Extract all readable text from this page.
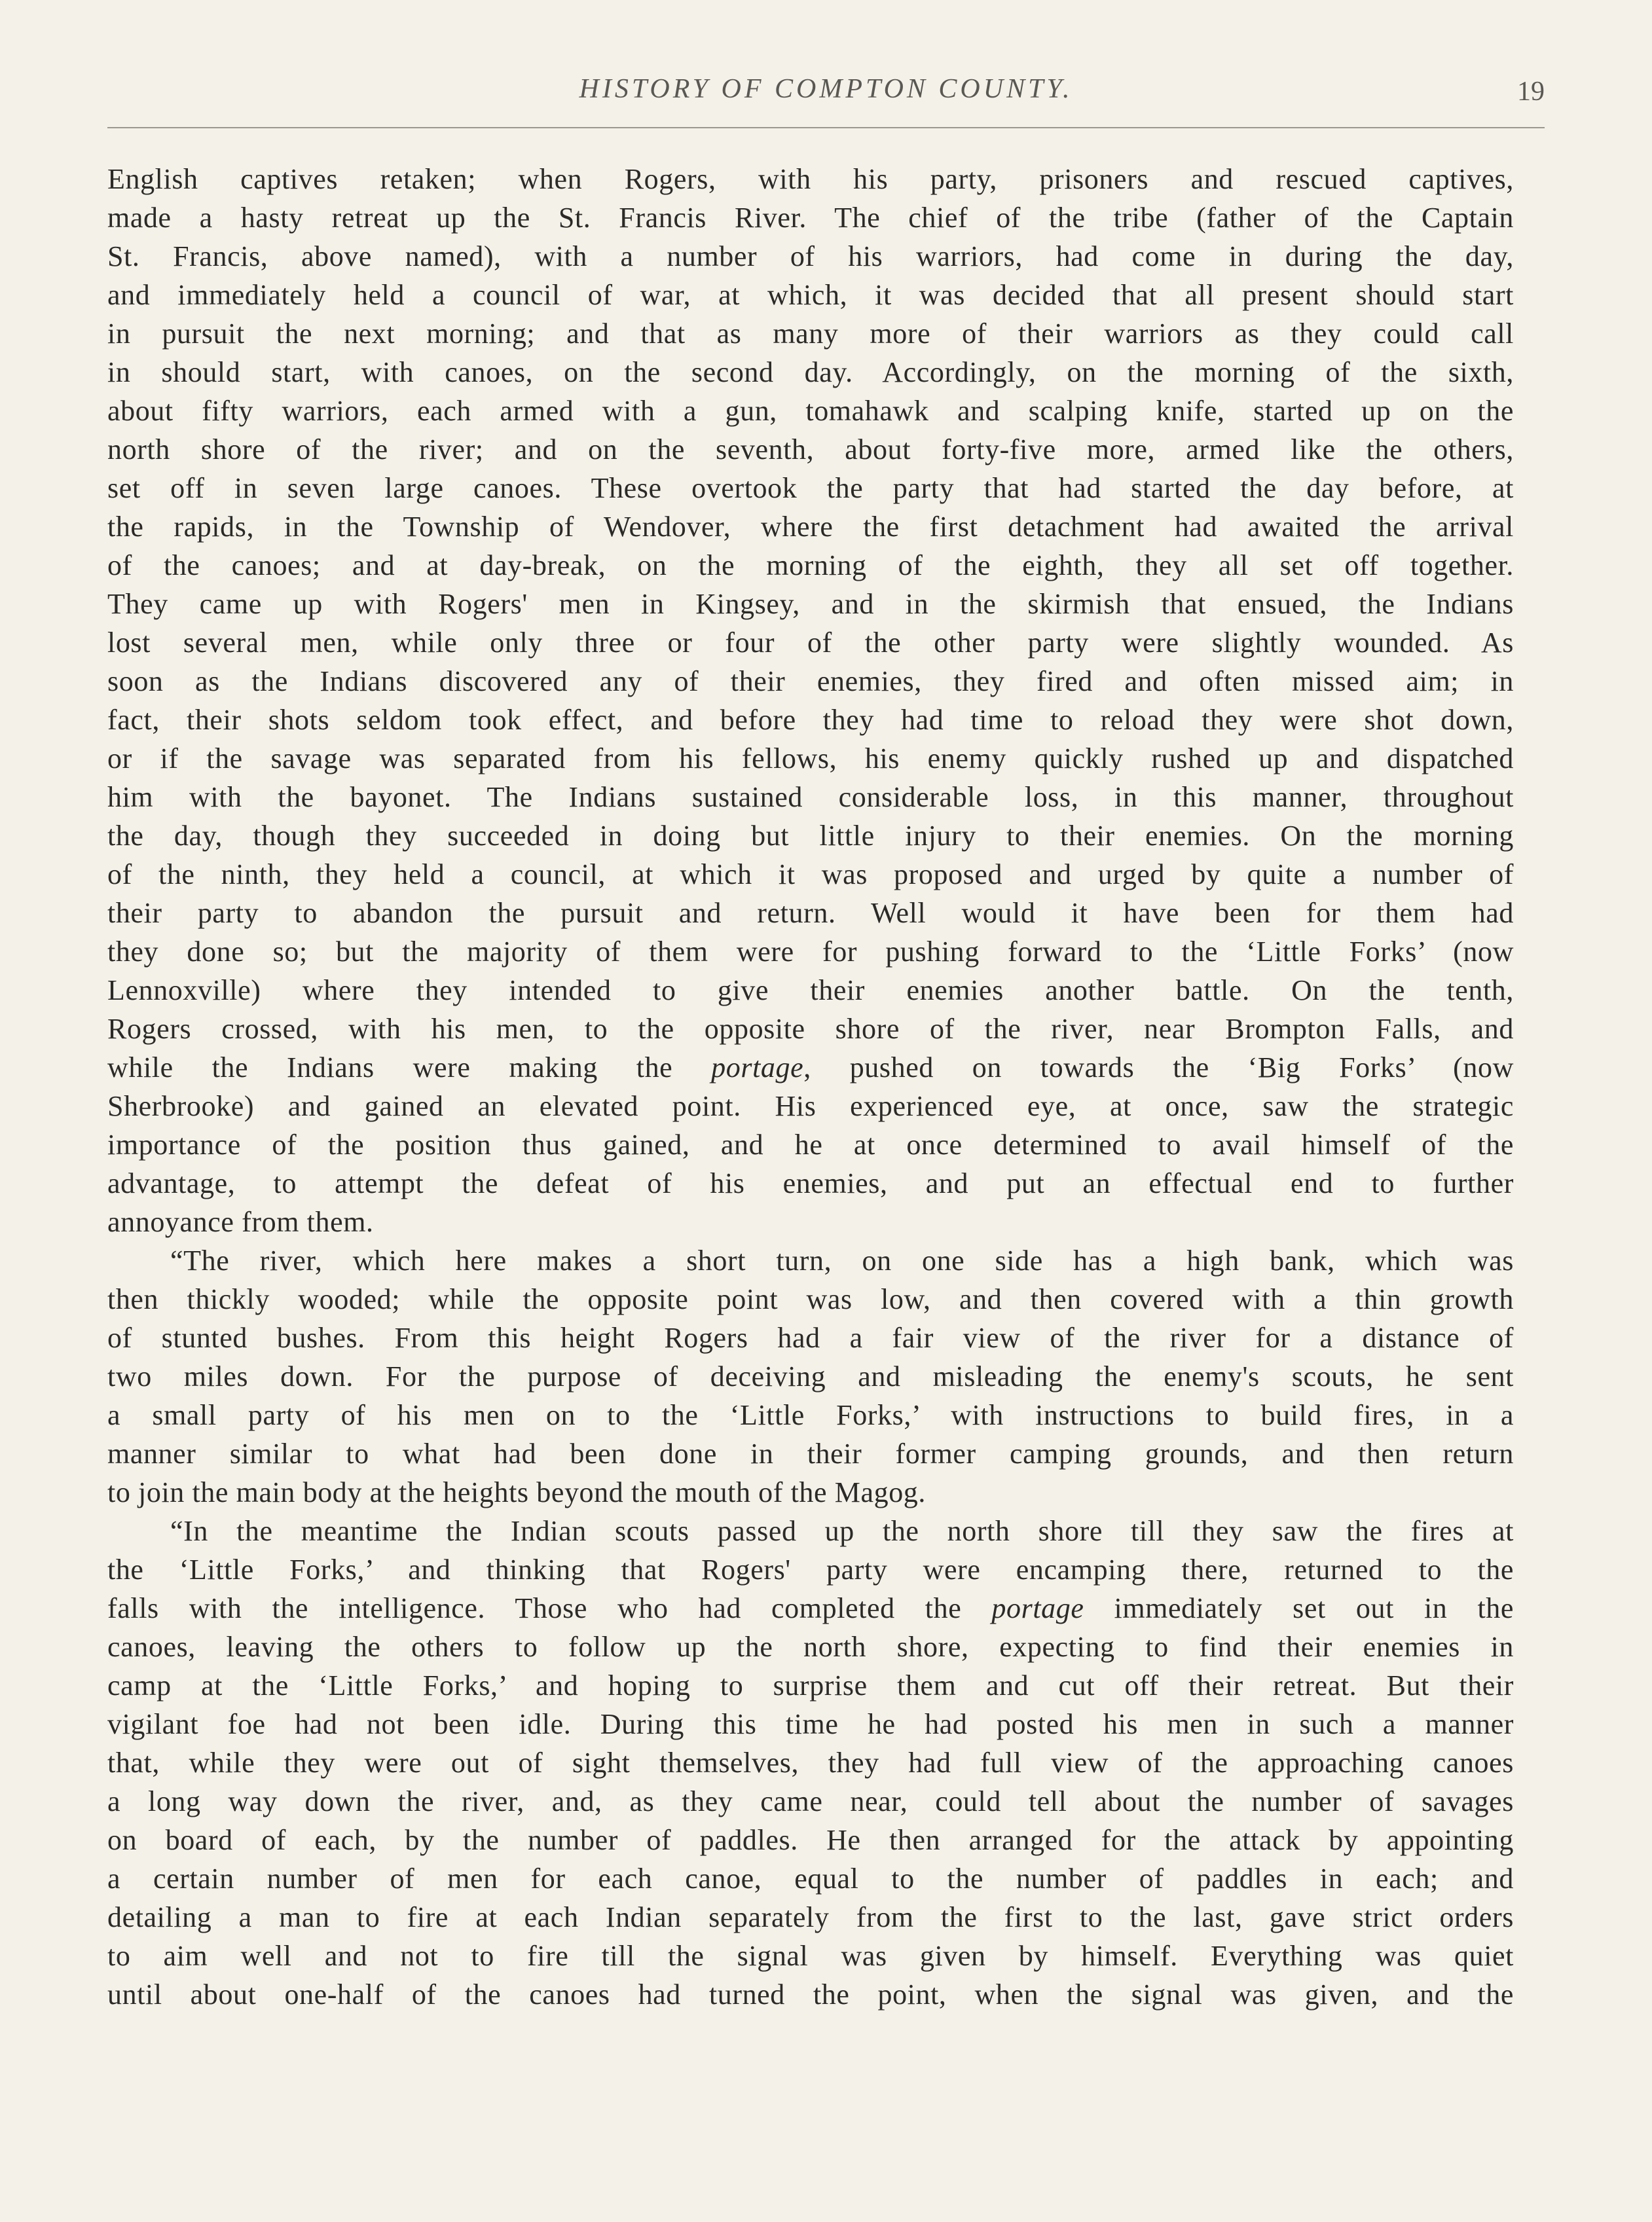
HISTORY OF COMPTON COUNTY.	19
English captives retaken; when Rogers, with his party, prisoners and rescued captives,
made a hasty retreat up the St. Francis River. The chief of the tribe (father of the Captain
St. Francis, above named), with a number of his warriors, had come in during the day,
and immediately held a council of war, at which, it was decided that all present should start
in pursuit the next morning; and that as many more of their warriors as they could call
in should start, with canoes, on the second day. Accordingly, on the morning of the sixth,
about fifty warriors, each armed with a gun, tomahawk and scalping knife, started up on the
north shore of the river; and on the seventh, about forty-five more, armed like the others,
set off in seven large canoes. These overtook the party that had started the day before, at
the rapids, in the Township of Wendover, where the first detachment had awaited the arrival
of the canoes; and at day-break, on the morning of the eighth, they all set off together.
They came up with Rogers' men in Kingsey, and in the skirmish that ensued, the Indians
lost several men, while only three or four of the other party were slightly wounded. As
soon as the Indians discovered any of their enemies, they fired and often missed aim; in
fact, their shots seldom took effect, and before they had time to reload they were shot down,
or if the savage was separated from his fellows, his enemy quickly rushed up and dispatched
him with the bayonet. The Indians sustained considerable loss, in this manner, throughout
the day, though they succeeded in doing but little injury to their enemies. On the morning
of the ninth, they held a council, at which it was proposed and urged by quite a number of
their party to abandon the pursuit and return. Well would it have been for them had
they done so; but the majority of them were for pushing forward to the ‘Little Forks’ (now
Lennoxville) where they intended to give their enemies another battle. On the tenth,
Rogers crossed, with his men, to the opposite shore of the river, near Brompton Falls, and
while the Indians were making the portage, pushed on towards the ‘Big Forks’ (now
Sherbrooke) and gained an elevated point. His experienced eye, at once, saw the strategic
importance of the position thus gained, and he at once determined to avail himself of the
advantage, to attempt the defeat of his enemies, and put an effectual end to further
annoyance from them.
“The river, which here makes a short turn, on one side has a high bank, which was
then thickly wooded; while the opposite point was low, and then covered with a thin growth
of stunted bushes. From this height Rogers had a fair view of the river for a distance of
two miles down. For the purpose of deceiving and misleading the enemy's scouts, he sent
a small party of his men on to the ‘Little Forks,’ with instructions to build fires, in a
manner similar to what had been done in their former camping grounds, and then return
to join the main body at the heights beyond the mouth of the Magog.
“In the meantime the Indian scouts passed up the north shore till they saw the fires at
the ‘Little Forks,’ and thinking that Rogers' party were encamping there, returned to the
falls with the intelligence. Those who had completed the portage immediately set out in the
canoes, leaving the others to follow up the north shore, expecting to find their enemies in
camp at the ‘Little Forks,’ and hoping to surprise them and cut off their retreat. But their
vigilant foe had not been idle. During this time he had posted his men in such a manner
that, while they were out of sight themselves, they had full view of the approaching canoes
a long way down the river, and, as they came near, could tell about the number of savages
on board of each, by the number of paddles. He then arranged for the attack by appointing
a certain number of men for each canoe, equal to the number of paddles in each; and
detailing a man to fire at each Indian separately from the first to the last, gave strict orders
to aim well and not to fire till the signal was given by himself. Everything was quiet
until about one-half of the canoes had turned the point, when the signal was given, and the
